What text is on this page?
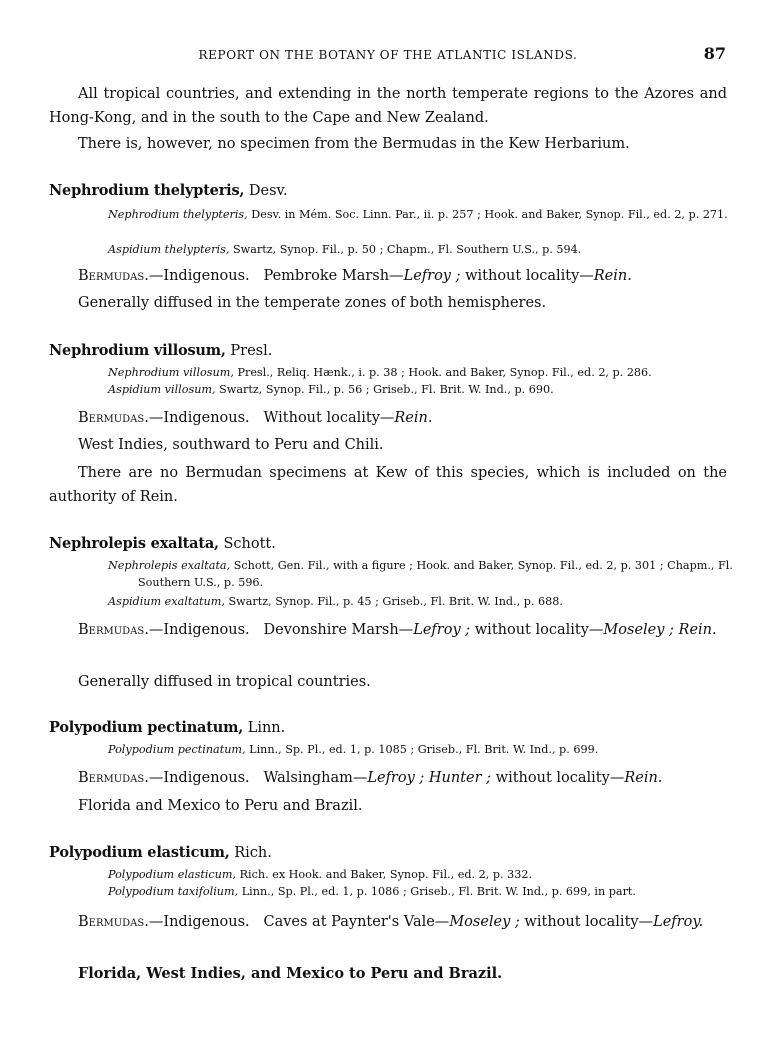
REPORT ON THE BOTANY OF THE ATLANTIC ISLANDS.	87

All tropical countries, and extending in the north temperate regions to the Azores and Hong-Kong, and in the south to the Cape and New Zealand.

There is, however, no specimen from the Bermudas in the Kew Herbarium.

Nephrodium thelypteris, Desv.

Nephrodium thelypteris, Desv. in Mém. Soc. Linn. Par., ii. p. 257 ; Hook. and Baker, Synop. Fil., ed. 2, p. 271.

Aspidium thelypteris, Swartz, Synop. Fil., p. 50 ; Chapm., Fl. Southern U.S., p. 594.

Bermudas.—Indigenous. Pembroke Marsh—Lefroy ; without locality—Rein.

Generally diffused in the temperate zones of both hemispheres.

Nephrodium villosum, Presl.

Nephrodium villosum, Presl., Reliq. Hænk., i. p. 38 ; Hook. and Baker, Synop. Fil., ed. 2, p. 286.

Aspidium villosum, Swartz, Synop. Fil., p. 56 ; Griseb., Fl. Brit. W. Ind., p. 690.

Bermudas.—Indigenous. Without locality—Rein.

West Indies, southward to Peru and Chili.

There are no Bermudan specimens at Kew of this species, which is included on the authority of Rein.

Nephrolepis exaltata, Schott.

Nephrolepis exaltata, Schott, Gen. Fil., with a figure ; Hook. and Baker, Synop. Fil., ed. 2, p. 301 ; Chapm., Fl. Southern U.S., p. 596.

Aspidium exaltatum, Swartz, Synop. Fil., p. 45 ; Griseb., Fl. Brit. W. Ind., p. 688.

Bermudas.—Indigenous. Devonshire Marsh—Lefroy ; without locality—Moseley ; Rein.

Generally diffused in tropical countries.

Polypodium pectinatum, Linn.

Polypodium pectinatum, Linn., Sp. Pl., ed. 1, p. 1085 ; Griseb., Fl. Brit. W. Ind., p. 699.

Bermudas.—Indigenous. Walsingham—Lefroy ; Hunter ; without locality—Rein.

Florida and Mexico to Peru and Brazil.

Polypodium elasticum, Rich.

Polypodium elasticum, Rich. ex Hook. and Baker, Synop. Fil., ed. 2, p. 332.

Polypodium taxifolium, Linn., Sp. Pl., ed. 1, p. 1086 ; Griseb., Fl. Brit. W. Ind., p. 699, in part.

Bermudas.—Indigenous. Caves at Paynter's Vale—Moseley ; without locality—Lefroy.

Florida, West Indies, and Mexico to Peru and Brazil.
